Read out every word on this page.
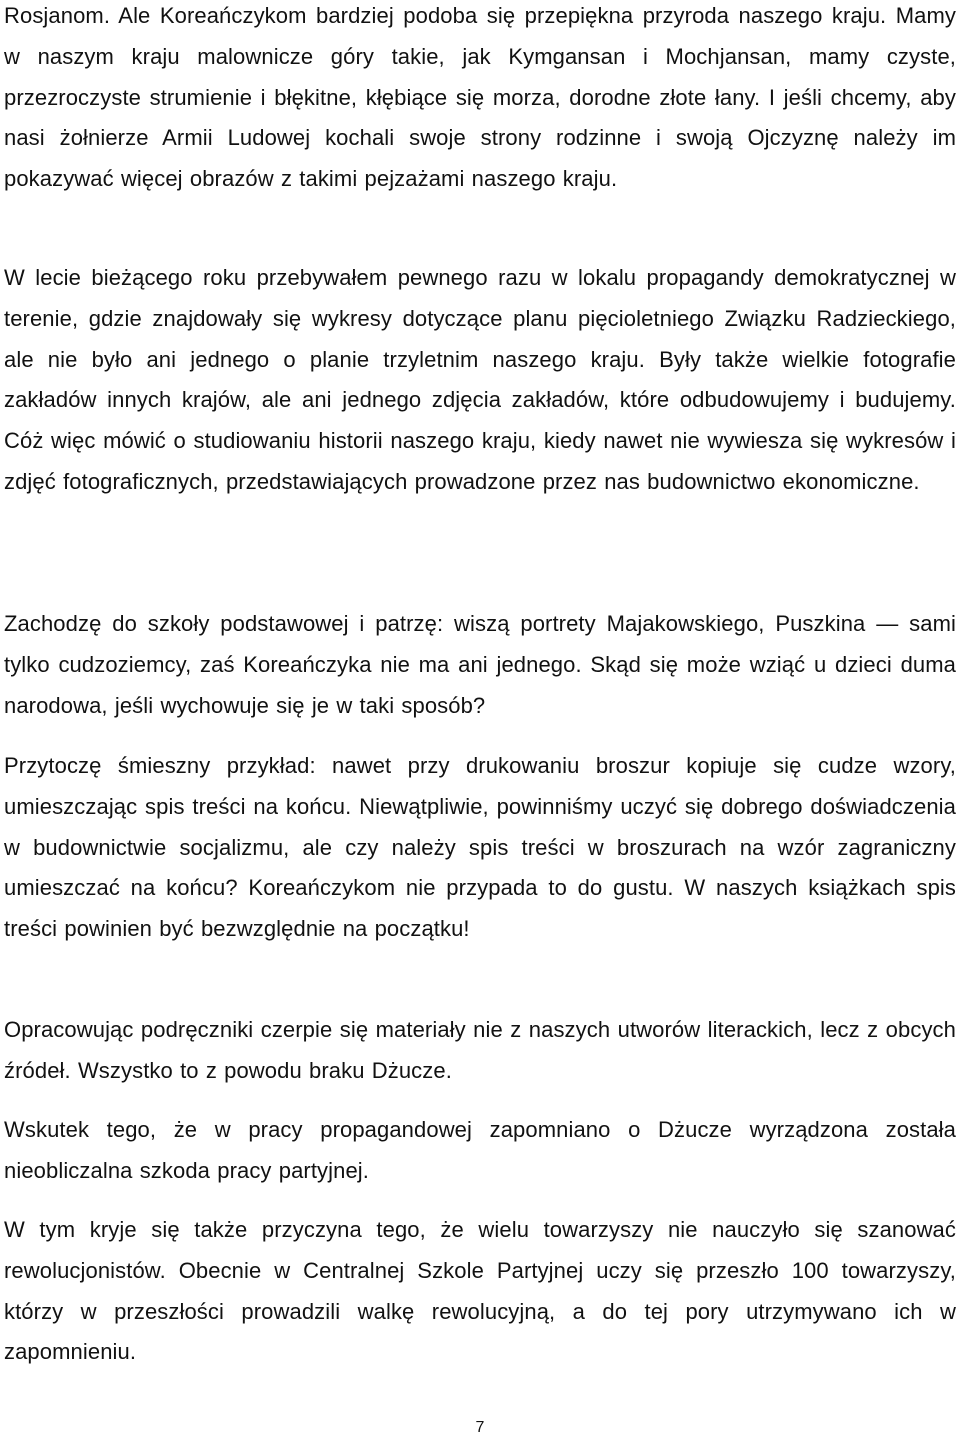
Rosjanom. Ale Koreańczykom bardziej podoba się przepiękna przyroda naszego kraju. Mamy w naszym kraju malownicze góry takie, jak Kymgansan i Mochjansan, mamy czyste, przezroczyste strumienie i błękitne, kłębiące się morza, dorodne złote łany. I jeśli chcemy, aby nasi żołnierze Armii Ludowej kochali swoje strony rodzinne i swoją Ojczyznę należy im pokazywać więcej obrazów z takimi pejzażami naszego kraju.

W lecie bieżącego roku przebywałem pewnego razu w lokalu propagandy demokratycznej w terenie, gdzie znajdowały się wykresy dotyczące planu pięcioletniego Związku Radzieckiego, ale nie było ani jednego o planie trzyletnim naszego kraju. Były także wielkie fotografie zakładów innych krajów, ale ani jednego zdjęcia zakładów, które odbudowujemy i budujemy. Cóż więc mówić o studiowaniu historii naszego kraju, kiedy nawet nie wywiesza się wykresów i zdjęć fotograficznych, przedstawiających prowadzone przez nas budownictwo ekonomiczne.

Zachodzę do szkoły podstawowej i patrzę: wiszą portrety Majakowskiego, Puszkina — sami tylko cudzoziemcy, zaś Koreańczyka nie ma ani jednego. Skąd się może wziąć u dzieci duma narodowa, jeśli wychowuje się je w taki sposób?

Przytoczę śmieszny przykład: nawet przy drukowaniu broszur kopiuje się cudze wzory, umieszczając spis treści na końcu. Niewątpliwie, powinniśmy uczyć się dobrego doświadczenia w budownictwie socjalizmu, ale czy należy spis treści w broszurach na wzór zagraniczny umieszczać na końcu? Koreańczykom nie przypada to do gustu. W naszych książkach spis treści powinien być bezwzględnie na początku!

Opracowując podręczniki czerpie się materiały nie z naszych utworów literackich, lecz z obcych źródeł. Wszystko to z powodu braku Dżucze.

Wskutek tego, że w pracy propagandowej zapomniano o Dżucze wyrządzona została nieobliczalna szkoda pracy partyjnej.

W tym kryje się także przyczyna tego, że wielu towarzyszy nie nauczyło się szanować rewolucjonistów. Obecnie w Centralnej Szkole Partyjnej uczy się przeszło 100 towarzyszy, którzy w przeszłości prowadzili walkę rewolucyjną, a do tej pory utrzymywano ich w zapomnieniu.

7
